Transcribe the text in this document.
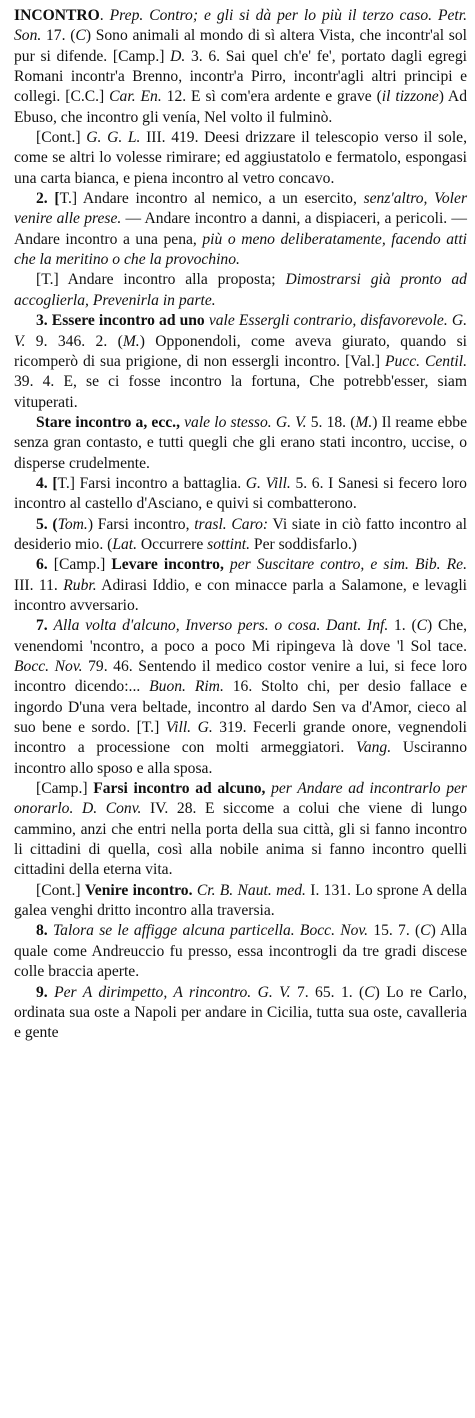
INCONTRO. Prep. Contro; e gli si dà per lo più il terzo caso. Petr. Son. 17. (C) Sono animali al mondo di sì altera Vista, che incontr'al sol pur si difende. [Camp.] D. 3. 6. Sai quel ch'e' fe', portato dagli egregi Romani incontr'a Brenno, incontr'a Pirro, incontr'agli altri principi e collegi. [C.C.] Car. En. 12. E sì com'era ardente e grave (il tizzone) Ad Ebuso, che incontro gli venía, Nel volto il fulminò.

[Cont.] G. G. L. III. 419. Deesi drizzare il telescopio verso il sole, come se altri lo volesse rimirare; ed aggiustatolo e fermatolo, espongasi una carta bianca, e piena incontro al vetro concavo.

2. [T.] Andare incontro al nemico, a un esercito, senz'altro, Voler venire alle prese. — Andare incontro a danni, a dispiaceri, a pericoli. — Andare incontro a una pena, più o meno deliberatamente, facendo atti che la meritino o che la provochino.

[T.] Andare incontro alla proposta; Dimostrarsi già pronto ad accoglierla, Prevenirla in parte.

3. Essere incontro ad uno vale Essergli contrario, disfavorevole. G. V. 9. 346. 2. (M.) Opponendoli, come aveva giurato, quando si ricomperò di sua prigione, di non essergli incontro. [Val.] Pucc. Centil. 39. 4. E, se ci fosse incontro la fortuna, Che potrebb'esser, siam vituperati.

Stare incontro a, ecc., vale lo stesso. G. V. 5. 18. (M.) Il reame ebbe senza gran contasto, e tutti quegli che gli erano stati incontro, uccise, o disperse crudelmente.

4. [T.] Farsi incontro a battaglia. G. Vill. 5. 6. I Sanesi si fecero loro incontro al castello d'Asciano, e quivi si combatterono.

5. (Tom.) Farsi incontro, trasl. Caro: Vi siate in ciò fatto incontro al desiderio mio. (Lat. Occurrere sottint. Per soddisfarlo.)

6. [Camp.] Levare incontro, per Suscitare contro, e sim. Bib. Re. III. 11. Rubr. Adirasi Iddio, e con minacce parla a Salamone, e levagli incontro avversario.

7. Alla volta d'alcuno, Inverso pers. o cosa. Dant. Inf. 1. (C) Che, venendomi 'ncontro, a poco a poco Mi ripingeva là dove 'l Sol tace. Bocc. Nov. 79. 46. Sentendo il medico costor venire a lui, si fece loro incontro dicendo:... Buon. Rim. 16. Stolto chi, per desio fallace e ingordo D'una vera beltade, incontro al dardo Sen va d'Amor, cieco al suo bene e sordo. [T.] Vill. G. 319. Fecerli grande onore, vegnendoli incontro a processione con molti armeggiatori. Vang. Usciranno incontro allo sposo e alla sposa.

[Camp.] Farsi incontro ad alcuno, per Andare ad incontrarlo per onorarlo. D. Conv. IV. 28. E siccome a colui che viene di lungo cammino, anzi che entri nella porta della sua città, gli si fanno incontro li cittadini di quella, così alla nobile anima si fanno incontro quelli cittadini della eterna vita.

[Cont.] Venire incontro. Cr. B. Naut. med. I. 131. Lo sprone A della galea venghi dritto incontro alla traversia.

8. Talora se le affigge alcuna particella. Bocc. Nov. 15. 7. (C) Alla quale come Andreuccio fu presso, essa incontrogli da tre gradi discese colle braccia aperte.

9. Per A dirimpetto, A rincontro. G. V. 7. 65. 1. (C) Lo re Carlo, ordinata sua oste a Napoli per andare in Cicilia, tutta sua oste, cavalleria e gente
